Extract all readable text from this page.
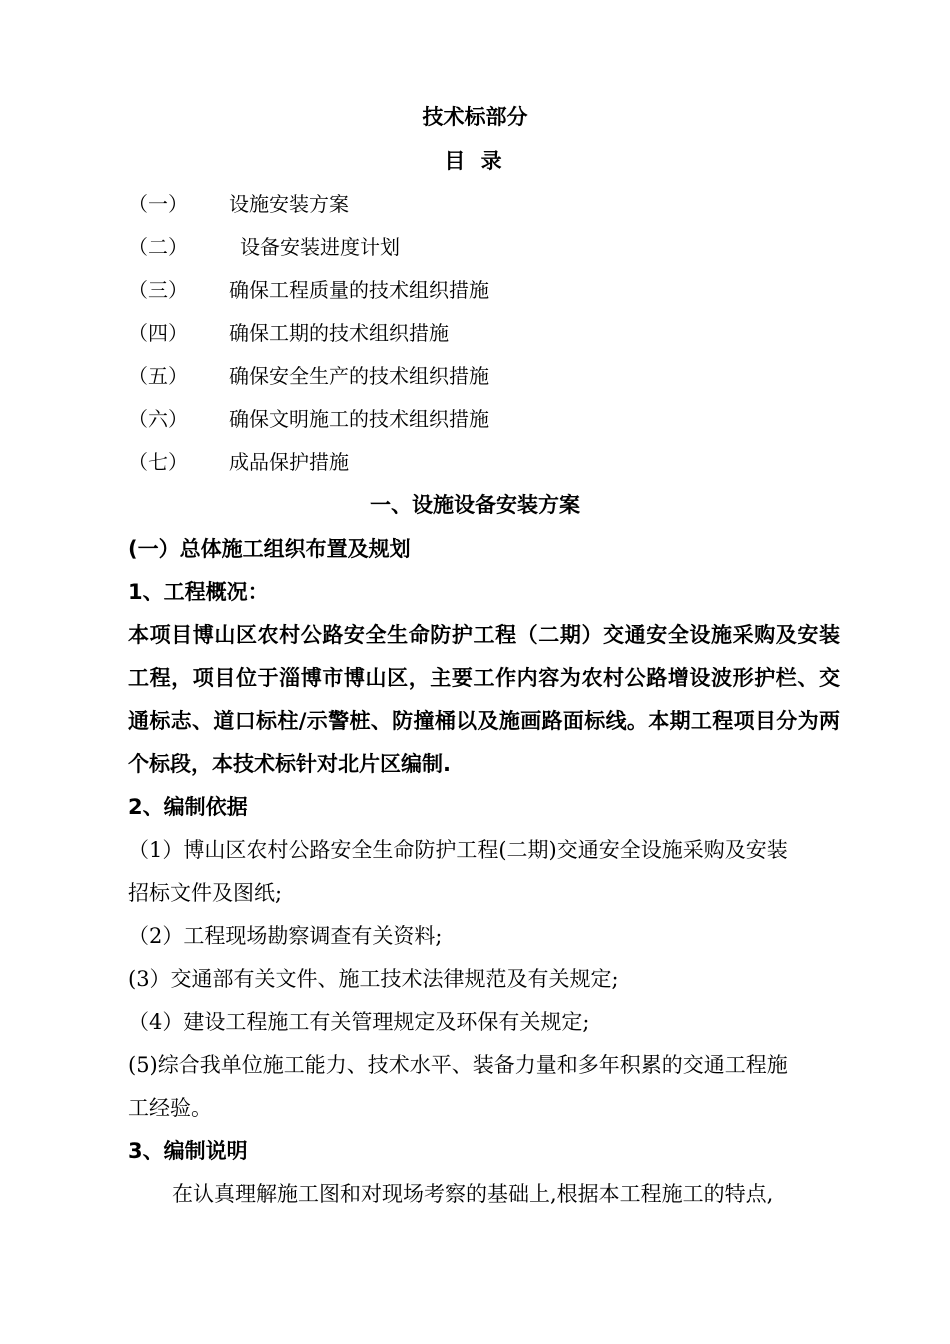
技术标部分
目 录
（一） 设施安装方案
（二）	设备安装进度计划
（三） 确保工程质量的技术组织措施
（四） 确保工期的技术组织措施
（五） 确保安全生产的技术组织措施
（六） 确保文明施工的技术组织措施
（七） 成品保护措施
一、设施设备安装方案
(一）总体施工组织布置及规划
1、工程概况：
本项目博山区农村公路安全生命防护工程（二期）交通安全设施采购及安装工程，项目位于淄博市博山区，主要工作内容为农村公路增设波形护栏、交通标志、道口标柱/示警桩、防撞桶以及施画路面标线。本期工程项目分为两个标段，本技术标针对北片区编制.
2、编制依据
（1）博山区农村公路安全生命防护工程(二期)交通安全设施采购及安装
招标文件及图纸;
（2）工程现场勘察调查有关资料;
(3）交通部有关文件、施工技术法律规范及有关规定;
（4）建设工程施工有关管理规定及环保有关规定;
(5)综合我单位施工能力、技术水平、装备力量和多年积累的交通工程施
工经验。
3、编制说明
在认真理解施工图和对现场考察的基础上,根据本工程施工的特点,
